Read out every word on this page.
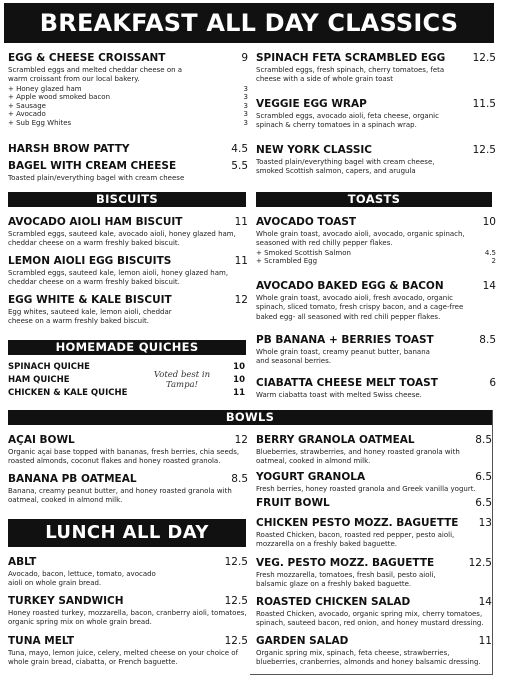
BREAKFAST ALL DAY CLASSICS
EGG & CHEESE CROISSANT	9
Scrambled eggs and melted cheddar cheese on a warm croissant from our local bakery.
+ Honey glazed ham	3
+ Apple wood smoked bacon	3
+ Sausage	3
+ Avocado	3
+ Sub Egg Whites	3
HARSH BROW PATTY	4.5
BAGEL WITH CREAM CHEESE	5.5
Toasted plain/everything bagel with cream cheese
SPINACH FETA SCRAMBLED EGG	12.5
Scrambled eggs, fresh spinach, cherry tomatoes, feta cheese with a side of whole grain toast
VEGGIE EGG WRAP	11.5
Scrambled eggs, avocado aioli, feta cheese, organic spinach & cherry tomatoes in a spinach wrap.
NEW YORK CLASSIC	12.5
Toasted plain/everything bagel with cream cheese, smoked Scottish salmon, capers, and arugula
BISCUITS	TOASTS
AVOCADO AIOLI HAM BISCUIT	11
Scrambled eggs, sauteed kale, avocado aioli, honey glazed ham, cheddar cheese on a warm freshly baked biscuit.
LEMON AIOLI EGG BISCUITS	11
Scrambled eggs, sauteed kale, lemon aioli, honey glazed ham, cheddar cheese on a warm freshly baked biscuit.
EGG WHITE & KALE BISCUIT	12
Egg whites, sauteed kale, lemon aioli, cheddar cheese on a warm freshly baked biscuit.
HOMEMADE QUICHES
SPINACH QUICHE	10
HAM QUICHE	10
CHICKEN & KALE QUICHE	11
Voted best in Tampa!
AVOCADO TOAST	10
Whole grain toast, avocado aioli, avocado, organic spinach, seasoned with red chilly pepper flakes.
+ Smoked Scottish Salmon	4.5
+ Scrambled Egg	2
AVOCADO BAKED EGG & BACON	14
Whole grain toast, avocado aioli, fresh avocado, organic spinach, sliced tomato, fresh crispy bacon, and a cage-free baked egg- all seasoned with red chili pepper flakes.
PB BANANA + BERRIES TOAST	8.5
Whole grain toast, creamy peanut butter, banana and seasonal berries.
CIABATTA CHEESE MELT TOAST	6
Warm ciabatta toast with melted Swiss cheese.
BOWLS
AÇAI BOWL	12
Organic açai base topped with bananas, fresh berries, chia seeds, roasted almonds, coconut flakes and honey roasted granola.
BANANA PB OATMEAL	8.5
Banana, creamy peanut butter, and honey roasted granola with oatmeal, cooked in almond milk.
LUNCH ALL DAY
ABLT	12.5
Avocado, bacon, lettuce, tomato, avocado aioli on whole grain bread.
TURKEY SANDWICH	12.5
Honey roasted turkey, mozzarella, bacon, cranberry aioli, tomatoes, organic spring mix on whole grain bread.
TUNA MELT	12.5
Tuna, mayo, lemon juice, celery, melted cheese on your choice of whole grain bread, ciabatta, or French baguette.
BERRY GRANOLA OATMEAL	8.5
Blueberries, strawberries, and honey roasted granola with oatmeal, cooked in almond milk.
YOGURT GRANOLA	6.5
Fresh berries, honey roasted granola and Greek vanilla yogurt.
FRUIT BOWL	6.5
CHICKEN PESTO MOZZ. BAGUETTE	13
Roasted Chicken, bacon, roasted red pepper, pesto aioli, mozzarella on a freshly baked baguette.
VEG. PESTO MOZZ. BAGUETTE	12.5
Fresh mozzarella, tomatoes, fresh basil, pesto aioli, balsamic glaze on a freshly baked baguette.
ROASTED CHICKEN SALAD	14
Roasted Chicken, avocado, organic spring mix, cherry tomatoes, spinach, sauteed bacon, red onion, and honey mustard dressing.
GARDEN SALAD	11
Organic spring mix, spinach, feta cheese, strawberries, blueberries, cranberries, almonds and honey balsamic dressing.
